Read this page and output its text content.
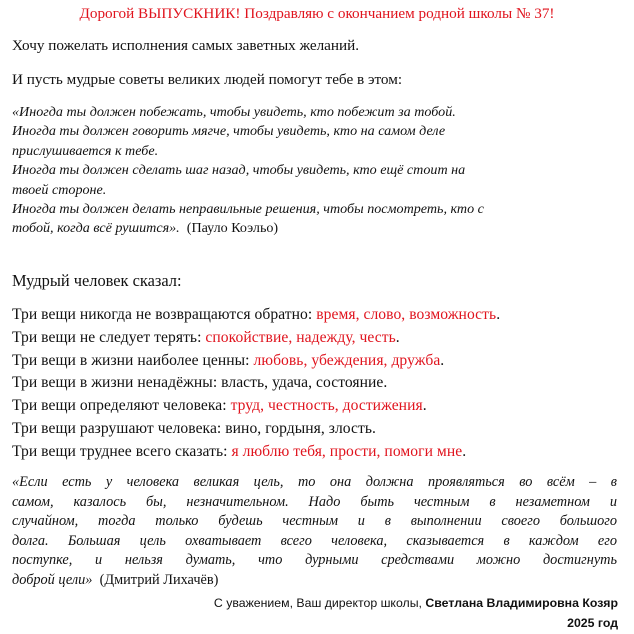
Дорогой ВЫПУСКНИК! Поздравляю с окончанием родной школы № 37!
Хочу пожелать исполнения самых заветных желаний.
И пусть мудрые советы великих людей помогут тебе в этом:
«Иногда ты должен побежать, чтобы увидеть, кто побежит за тобой.
Иногда ты должен говорить мягче, чтобы увидеть, кто на самом деле
прислушивается к тебе.
Иногда ты должен сделать шаг назад, чтобы увидеть, кто ещё стоит на
твоей стороне.
Иногда ты должен делать неправильные решения, чтобы посмотреть, кто с
тобой, когда всё рушится». (Пауло Коэльо)
Мудрый человек сказал:
Три вещи никогда не возвращаются обратно: время, слово, возможность.
Три вещи не следует терять: спокойствие, надежду, честь.
Три вещи в жизни наиболее ценны: любовь, убеждения, дружба.
Три вещи в жизни ненадёжны: власть, удача, состояние.
Три вещи определяют человека: труд, честность, достижения.
Три вещи разрушают человека: вино, гордыня, злость.
Три вещи труднее всего сказать: я люблю тебя, прости, помоги мне.
«Если есть у человека великая цель, то она должна проявляться во всём – в
самом, казалось бы, незначительном. Надо быть честным в незаметном и
случайном, тогда только будешь честным и в выполнении своего большого
долга. Большая цель охватывает всего человека, сказывается в каждом его
поступке, и нельзя думать, что дурными средствами можно достигнуть
доброй цели» (Дмитрий Лихачёв)
С уважением, Ваш директор школы, Светлана Владимировна Козяр
2025 год
